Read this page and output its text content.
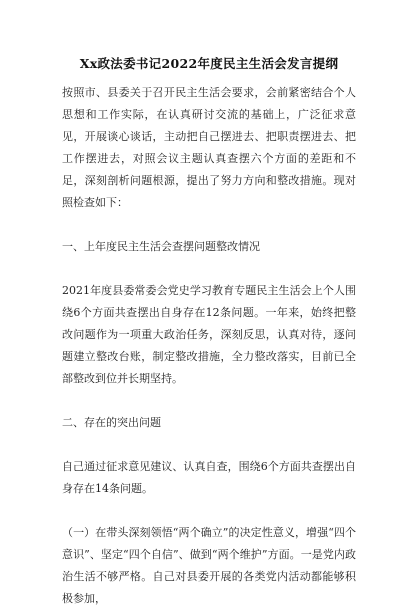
Xx政法委书记2022年度民主生活会发言提纲

按照市、县委关于召开民主生活会要求，会前紧密结合个人思想和工作实际，在认真研讨交流的基础上，广泛征求意见，开展谈心谈话，主动把自己摆进去、把职责摆进去、把工作摆进去，对照会议主题认真查摆六个方面的差距和不足，深刻剖析问题根源，提出了努力方向和整改措施。现对照检查如下：

一、上年度民主生活会查摆问题整改情况

2021年度县委常委会党史学习教育专题民主生活会上个人围绕6个方面共查摆出自身存在12条问题。一年来，始终把整改问题作为一项重大政治任务，深刻反思，认真对待，逐问题建立整改台账，制定整改措施，全力整改落实，目前已全部整改到位并长期坚持。

二、存在的突出问题

自己通过征求意见建议、认真自查，围绕6个方面共查摆出自身存在14条问题。

（一）在带头深刻领悟“两个确立”的决定性意义，增强“四个意识”、坚定“四个自信”、做到“两个维护”方面。一是党内政治生活不够严格。自己对县委开展的各类党内活动都能够积极参加，
